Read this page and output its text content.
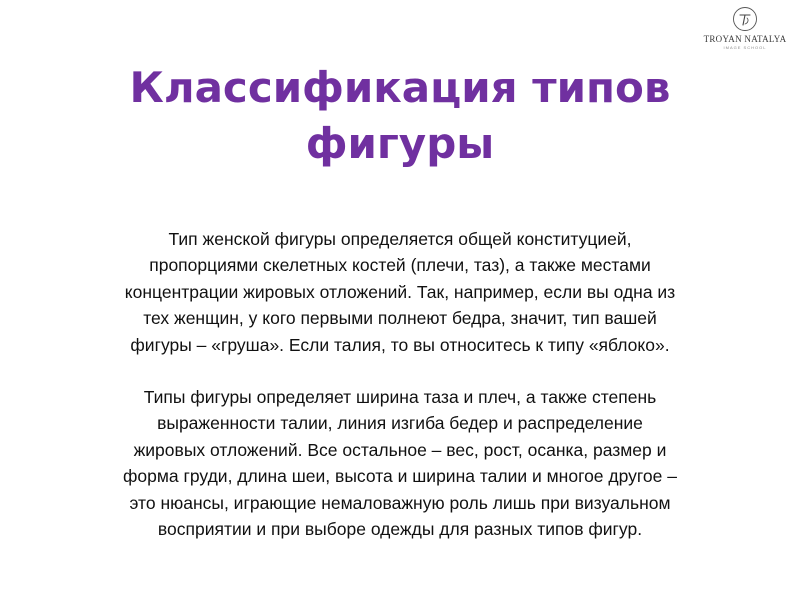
TROYAN NATALYA
IMAGE SCHOOL
Классификация типов
фигуры
Тип женской фигуры определяется общей конституцией,
пропорциями скелетных костей (плечи, таз), а также местами
концентрации жировых отложений. Так, например, если вы одна из
тех женщин, у кого первыми полнеют бедра, значит, тип вашей
фигуры – «груша». Если талия, то вы относитесь к типу «яблоко».
Типы фигуры определяет ширина таза и плеч, а также степень
выраженности талии, линия изгиба бедер и распределение
жировых отложений. Все остальное – вес, рост, осанка, размер и
форма груди, длина шеи, высота и ширина талии и многое другое –
это нюансы, играющие немаловажную роль лишь при визуальном
восприятии и при выборе одежды для разных типов фигур.
